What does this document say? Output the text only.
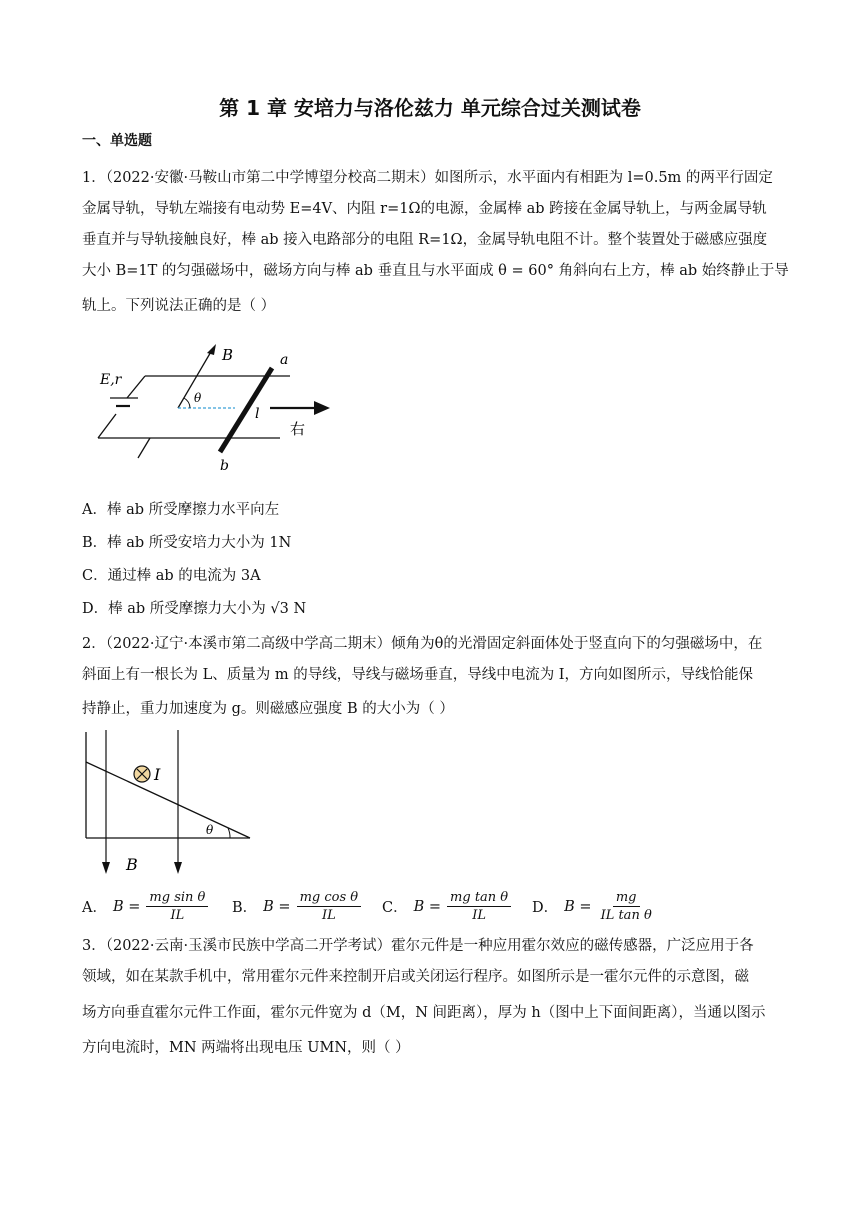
第 1 章 安培力与洛伦兹力 单元综合过关测试卷
一、单选题
1．（2022·安徽·马鞍山市第二中学博望分校高二期末）如图所示，水平面内有相距为 l=0.5m 的两平行固定
金属导轨，导轨左端接有电动势 E=4V、内阻 r=1Ω的电源，金属棒 ab 跨接在金属导轨上，与两金属导轨
垂直并与导轨接触良好，棒 ab 接入电路部分的电阻 R=1Ω，金属导轨电阻不计。整个装置处于磁感应强度
大小 B=1T 的匀强磁场中，磁场方向与棒 ab 垂直且与水平面成 θ = 60° 角斜向右上方，棒 ab 始终静止于导
轨上。下列说法正确的是（ ）
E,r
a
b
l
B
θ
右
A．棒 ab 所受摩擦力水平向左
B．棒 ab 所受安培力大小为 1N
C．通过棒 ab 的电流为 3A
D．棒 ab 所受摩擦力大小为 √3 N
2．（2022·辽宁·本溪市第二高级中学高二期末）倾角为θ的光滑固定斜面体处于竖直向下的匀强磁场中，在
斜面上有一根长为 L、质量为 m 的导线，导线与磁场垂直，导线中电流为 I，方向如图所示，导线恰能保
持静止，重力加速度为 g。则磁感应强度 B 的大小为（ ）
I
B
θ
A． $B = \frac{\text{mg sin θ}}{IL}$ B． $B = \frac{\text{mg cos θ}}{IL}$ C． $B = \frac{\text{mg tan θ}}{IL}$ D． $B = \frac{mg}{\text{IL tan θ}}$
3．（2022·云南·玉溪市民族中学高二开学考试）霍尔元件是一种应用霍尔效应的磁传感器，广泛应用于各
领域，如在某款手机中，常用霍尔元件来控制开启或关闭运行程序。如图所示是一霍尔元件的示意图，磁
场方向垂直霍尔元件工作面，霍尔元件宽为 d（M，N 间距离），厚为 h（图中上下面间距离），当通以图示
方向电流时，MN 两端将出现电压 UMN，则（ ）
